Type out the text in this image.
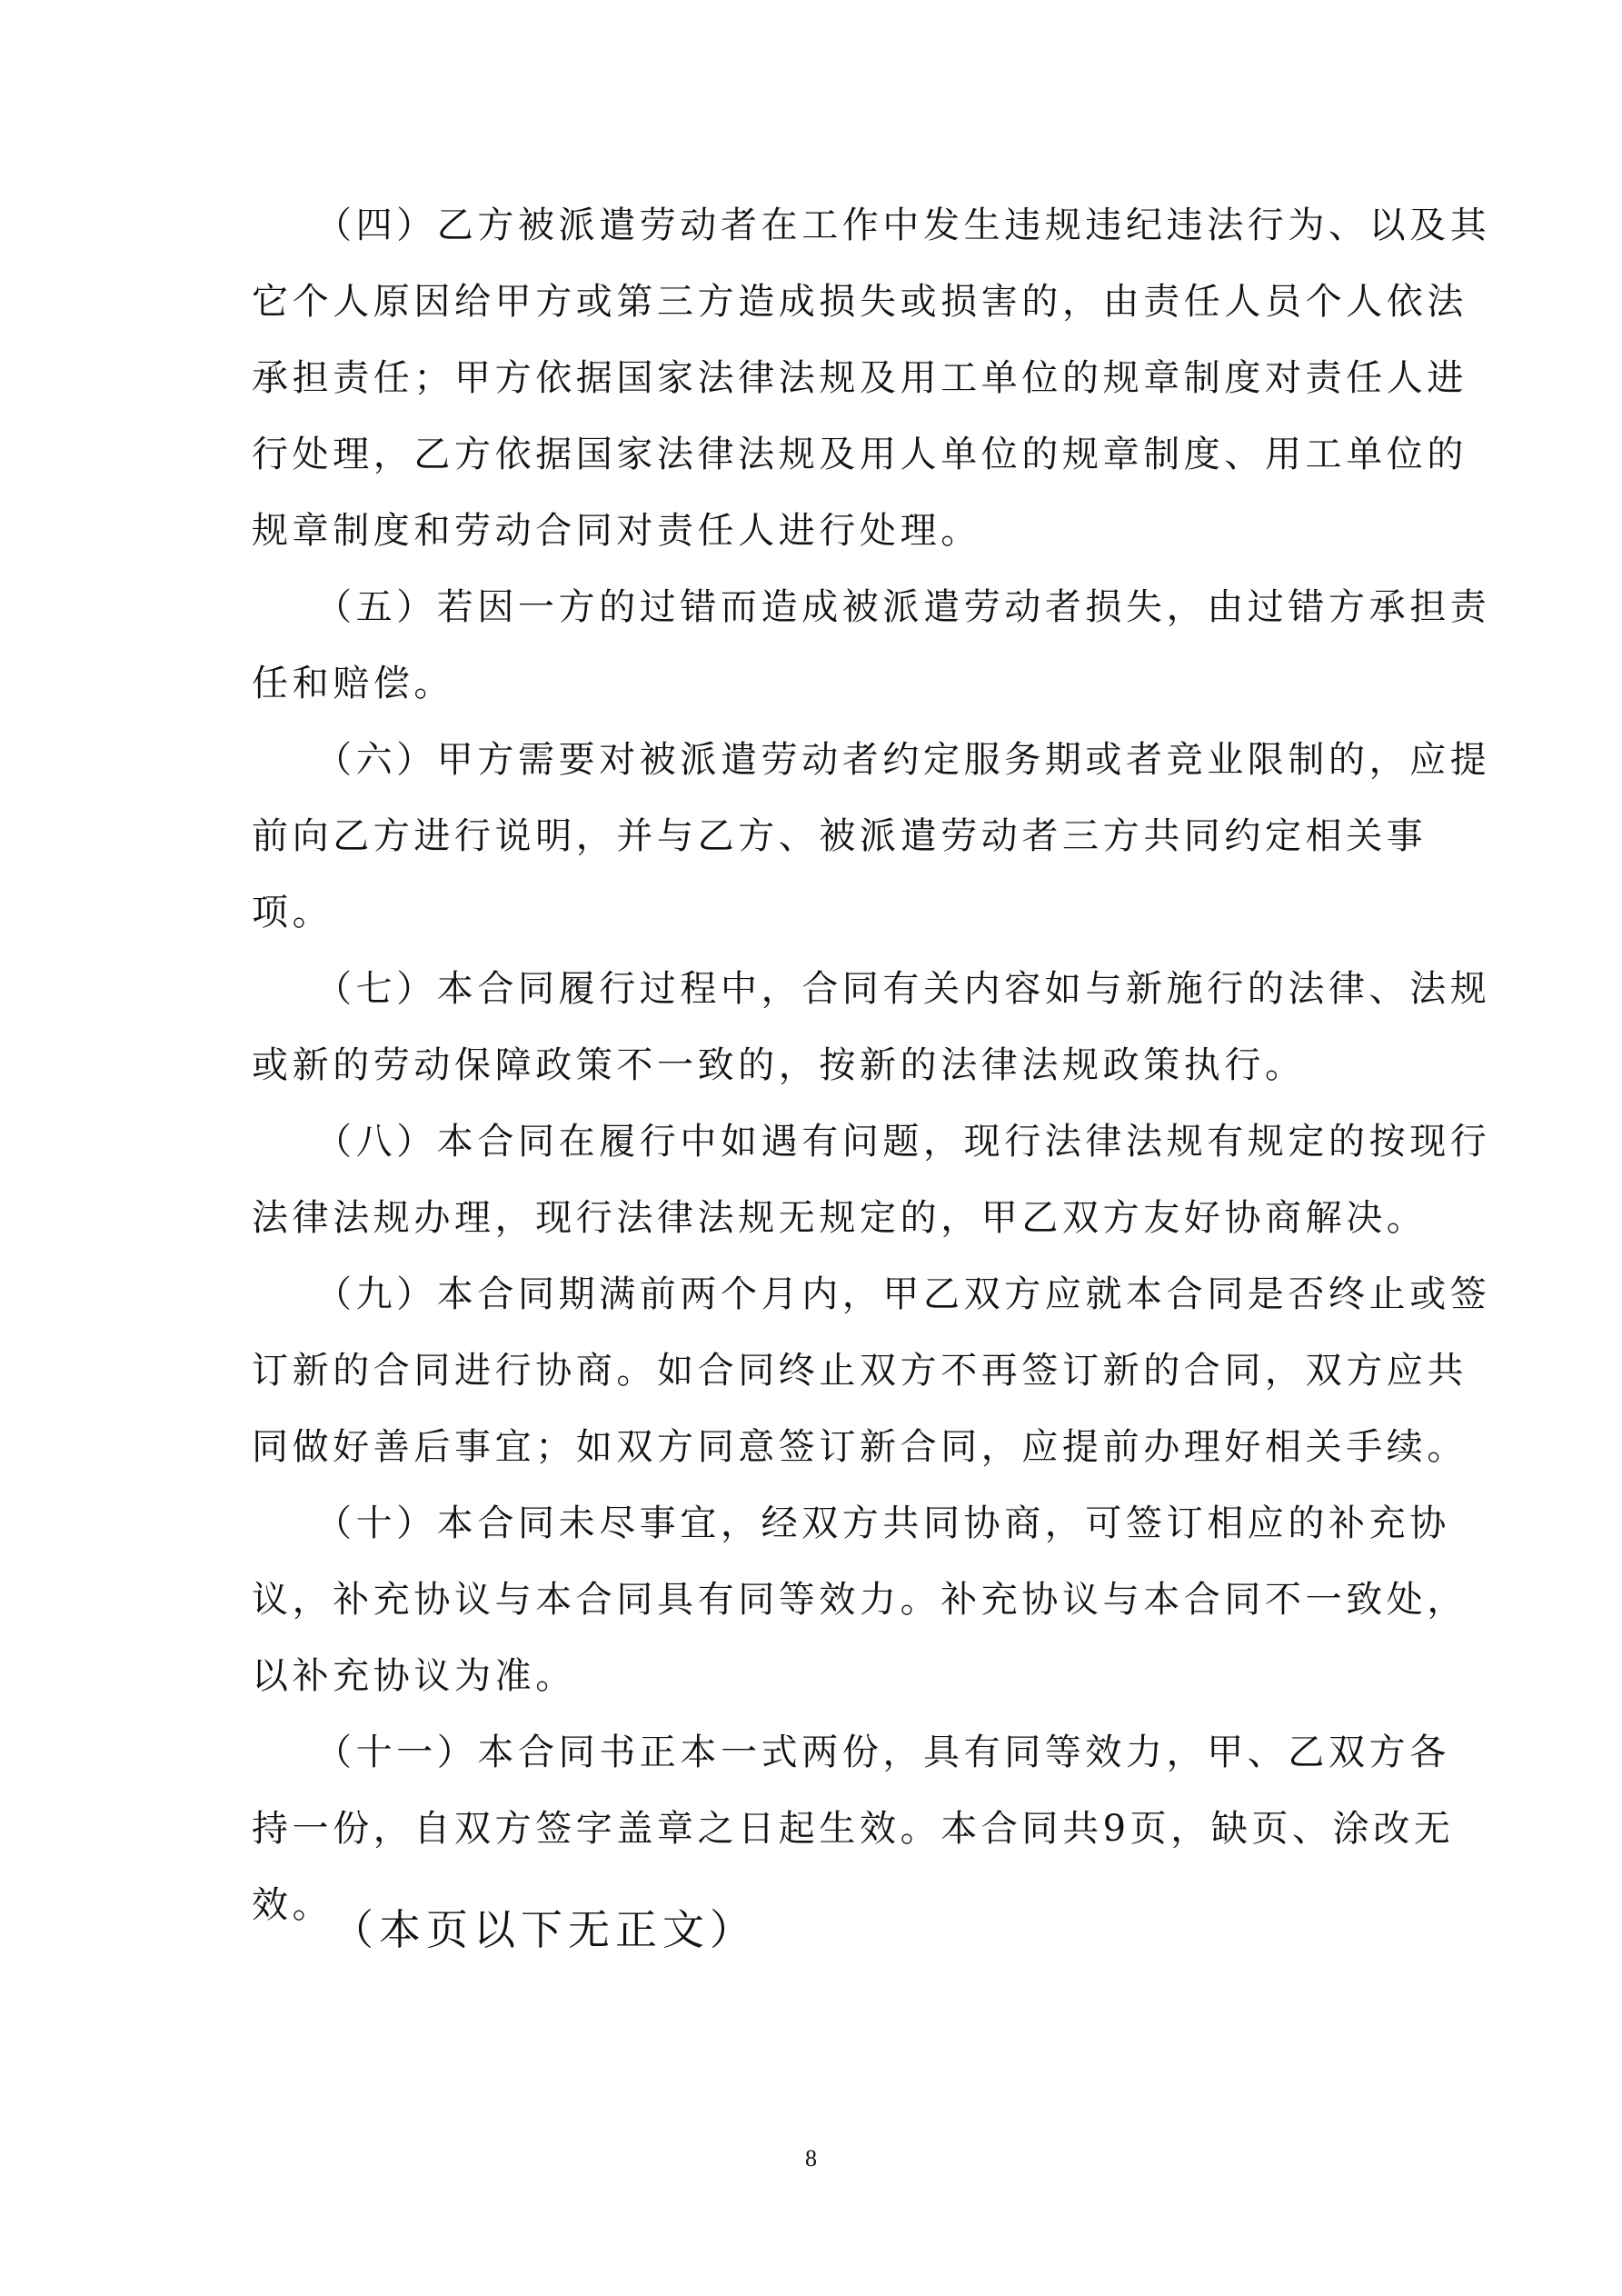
（四）乙方被派遣劳动者在工作中发生违规违纪违法行为、以及其
它个人原因给甲方或第三方造成损失或损害的，由责任人员个人依法
承担责任；甲方依据国家法律法规及用工单位的规章制度对责任人进
行处理，乙方依据国家法律法规及用人单位的规章制度、用工单位的
规章制度和劳动合同对责任人进行处理。
（五）若因一方的过错而造成被派遣劳动者损失，由过错方承担责
任和赔偿。
（六）甲方需要对被派遣劳动者约定服务期或者竞业限制的，应提
前向乙方进行说明，并与乙方、被派遣劳动者三方共同约定相关事
项。
（七）本合同履行过程中，合同有关内容如与新施行的法律、法规
或新的劳动保障政策不一致的，按新的法律法规政策执行。
（八）本合同在履行中如遇有问题，现行法律法规有规定的按现行
法律法规办理，现行法律法规无规定的，甲乙双方友好协商解决。
（九）本合同期满前两个月内，甲乙双方应就本合同是否终止或签
订新的合同进行协商。如合同终止双方不再签订新的合同，双方应共
同做好善后事宜；如双方同意签订新合同，应提前办理好相关手续。
（十）本合同未尽事宜，经双方共同协商，可签订相应的补充协
议，补充协议与本合同具有同等效力。补充协议与本合同不一致处，
以补充协议为准。
（十一）本合同书正本一式两份，具有同等效力，甲、乙双方各
持一份，自双方签字盖章之日起生效。本合同共9页，缺页、涂改无
效。
（本页以下无正文）
8
